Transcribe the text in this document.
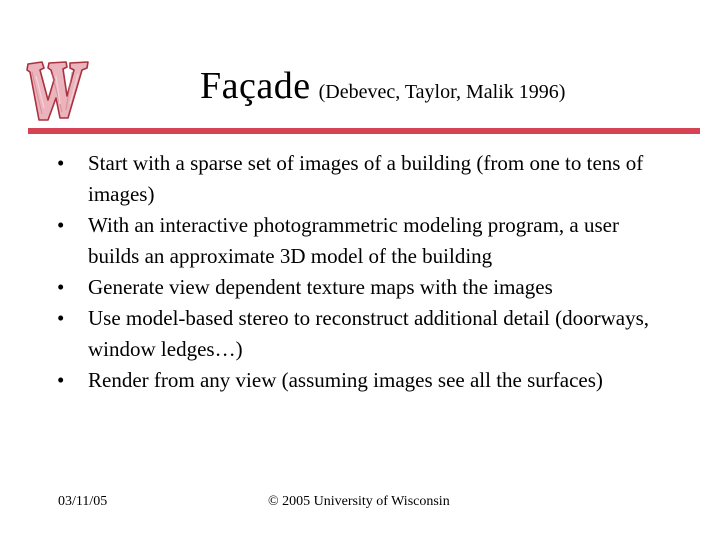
Façade (Debevec, Taylor, Malik 1996)
• Start with a sparse set of images of a building (from one to tens of images)
• With an interactive photogrammetric modeling program, a user builds an approximate 3D model of the building
• Generate view dependent texture maps with the images
• Use model-based stereo to reconstruct additional detail (doorways, window ledges…)
• Render from any view (assuming images see all the surfaces)
03/11/05	© 2005 University of Wisconsin
